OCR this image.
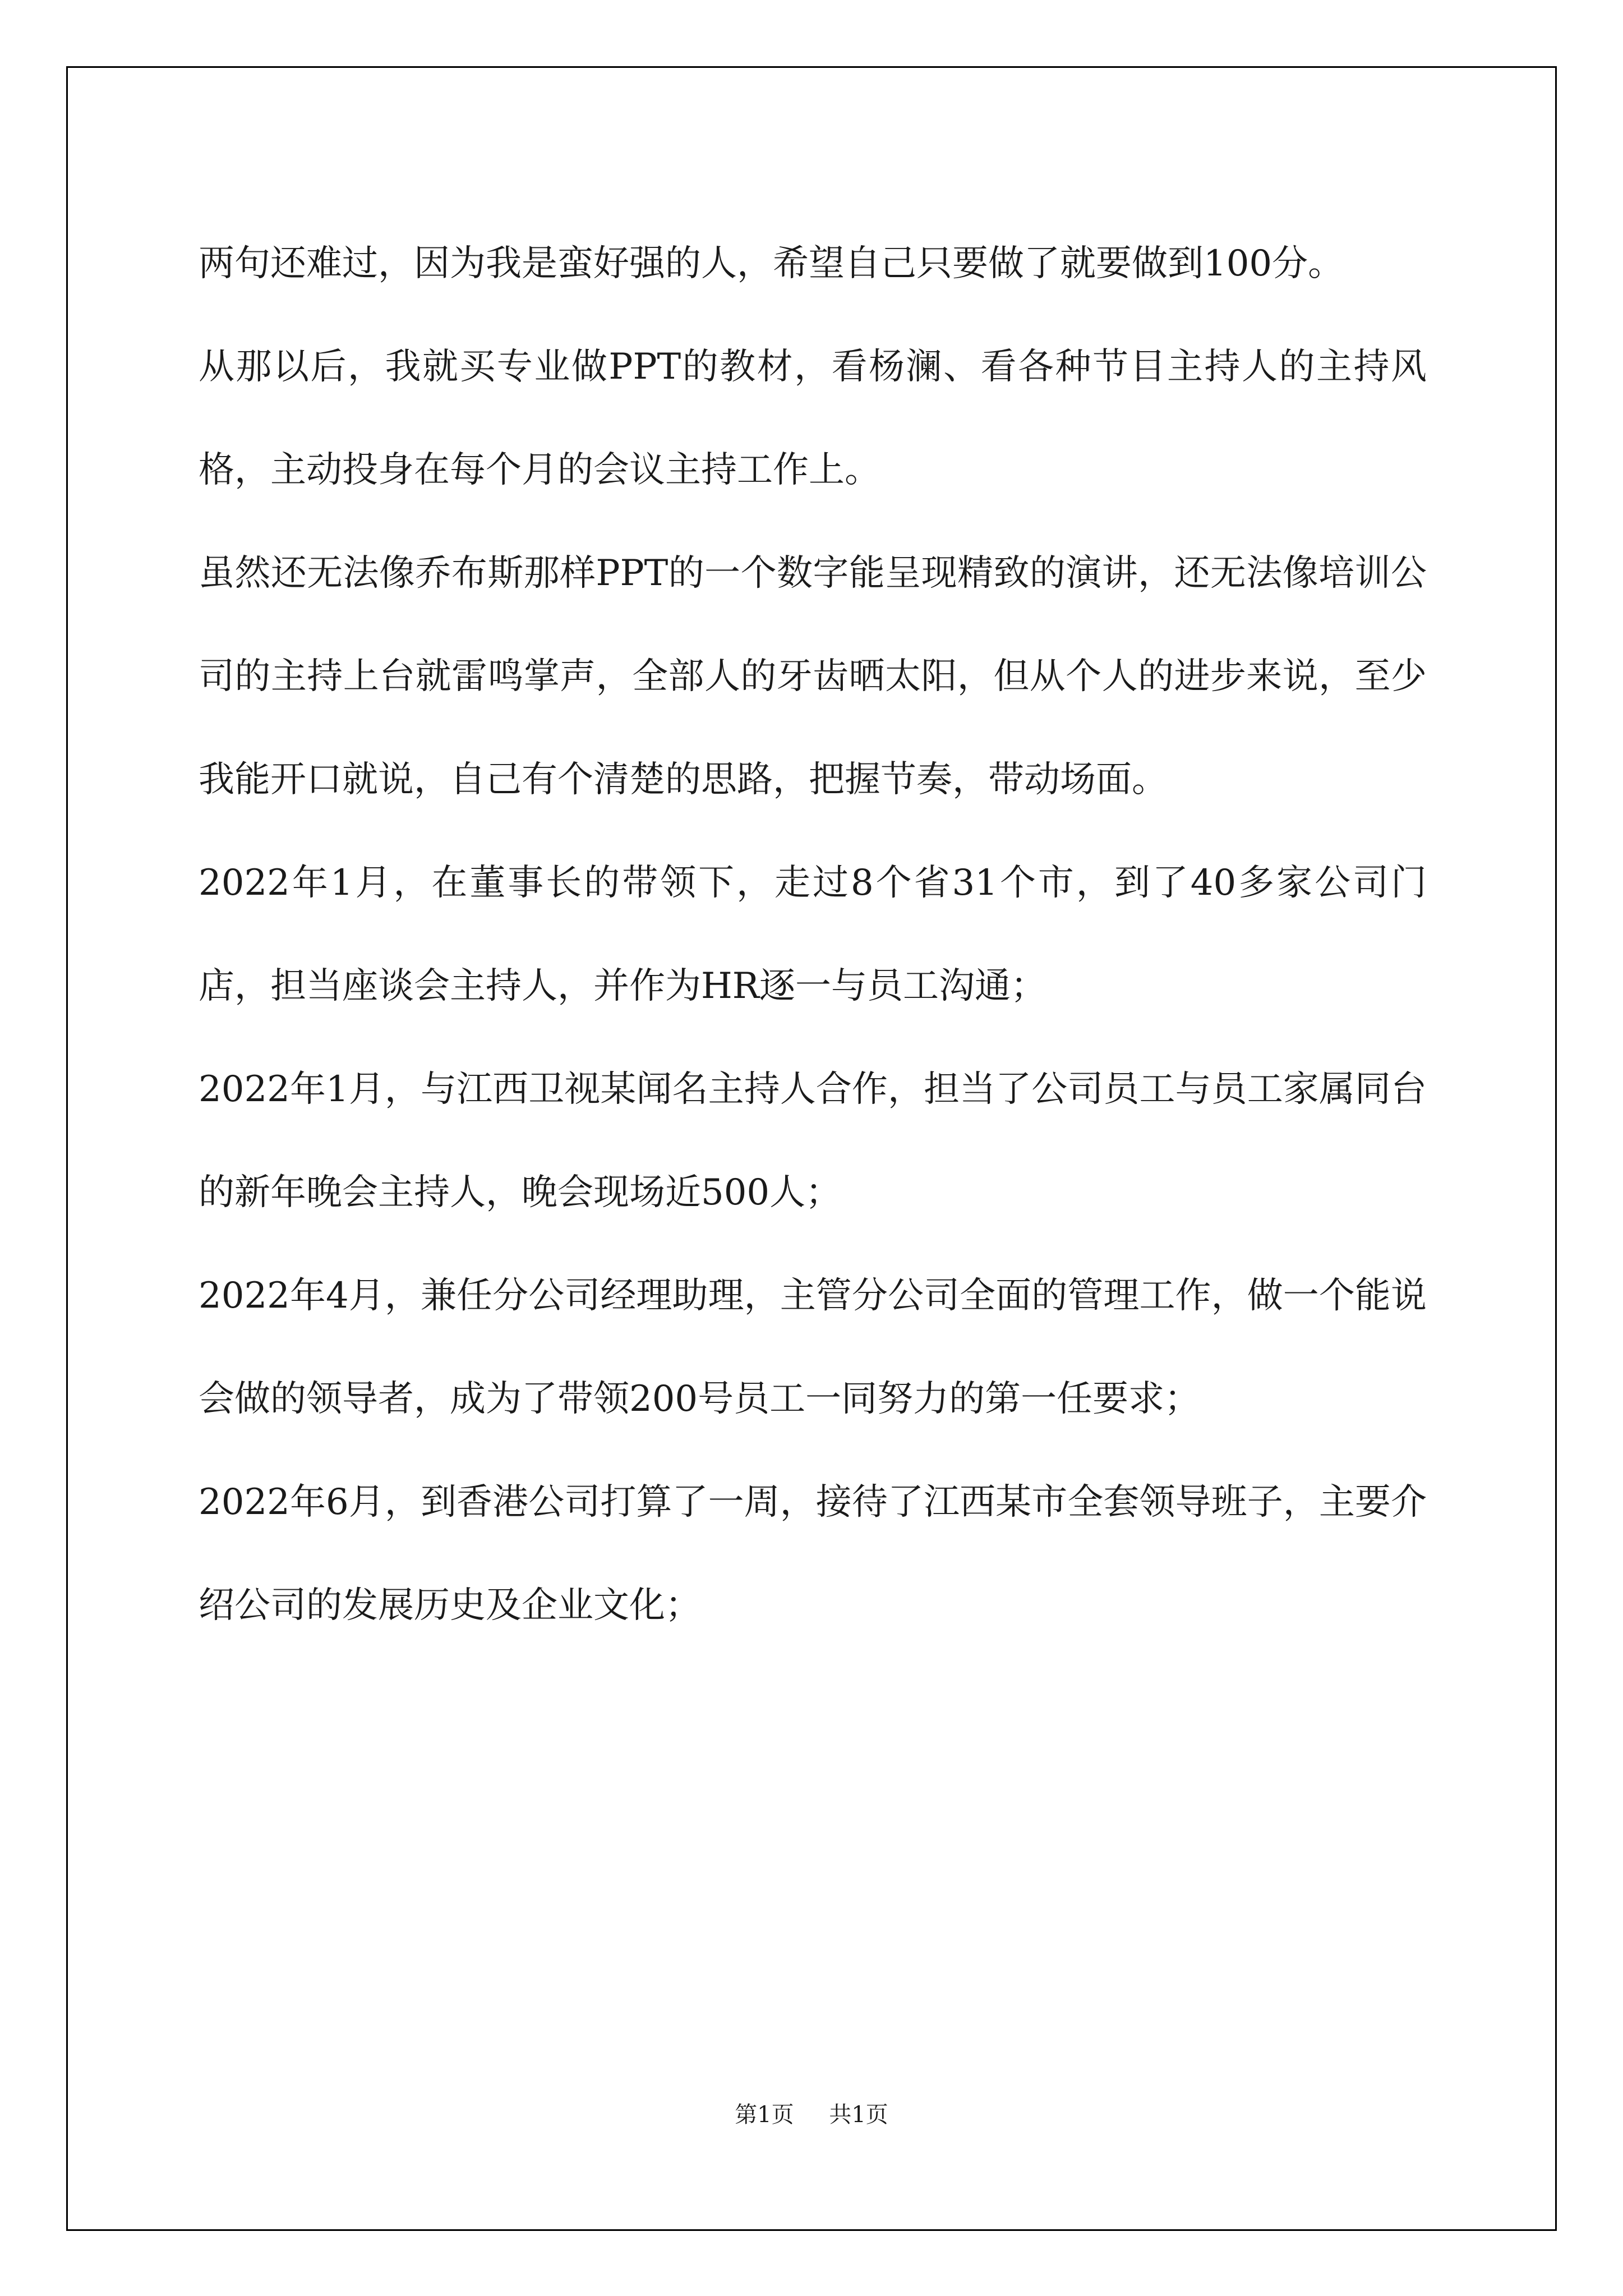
两句还难过，因为我是蛮好强的人，希望自己只要做了就要做到100分。

从那以后，我就买专业做PPT的教材，看杨澜、看各种节目主持人的主持风格，主动投身在每个月的会议主持工作上。

虽然还无法像乔布斯那样PPT的一个数字能呈现精致的演讲，还无法像培训公司的主持上台就雷鸣掌声，全部人的牙齿晒太阳，但从个人的进步来说，至少我能开口就说，自己有个清楚的思路，把握节奏，带动场面。

2022年1月，在董事长的带领下，走过8个省31个市，到了40多家公司门店，担当座谈会主持人，并作为HR逐一与员工沟通；

2022年1月，与江西卫视某闻名主持人合作，担当了公司员工与员工家属同台的新年晚会主持人，晚会现场近500人；

2022年4月，兼任分公司经理助理，主管分公司全面的管理工作，做一个能说会做的领导者，成为了带领200号员工一同努力的第一任要求；

2022年6月，到香港公司打算了一周，接待了江西某市全套领导班子，主要介绍公司的发展历史及企业文化；

第1页 共1页
